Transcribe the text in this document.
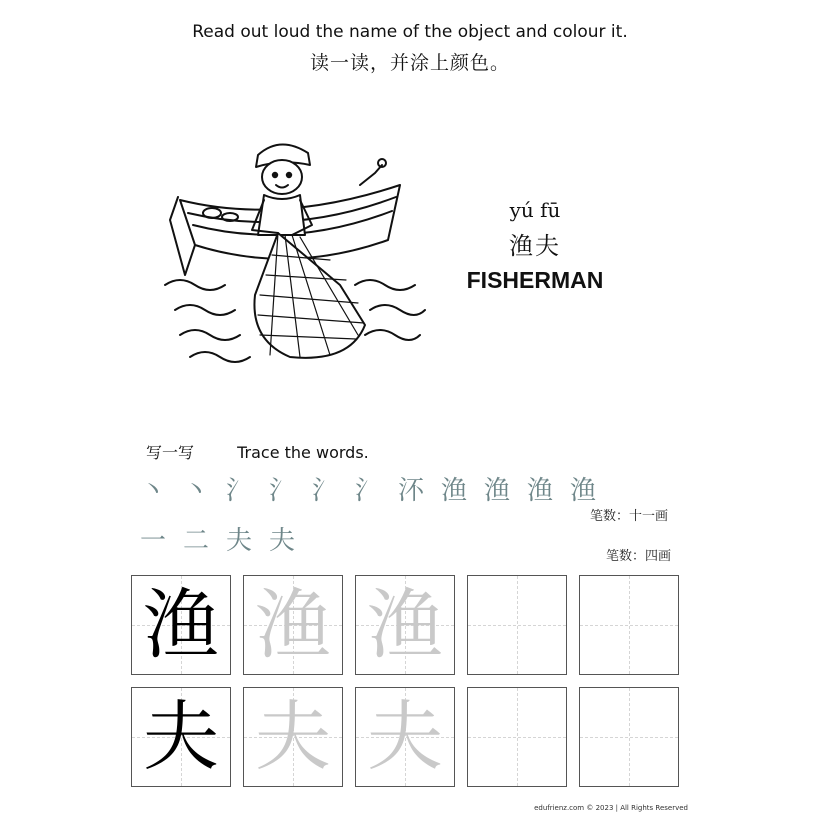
Read out loud the name of the object and colour it.
读一读，并涂上颜色。
yú fū
渔夫
FISHERMAN
写一写	Trace the words.
丶 丶 氵 氵 氵 氵 㳅 渔 渔 渔 渔
笔数：十一画
一 二 夫 夫
笔数：四画
渔 渔 渔
夫 夫 夫
edufrienz.com © 2023 | All Rights Reserved
